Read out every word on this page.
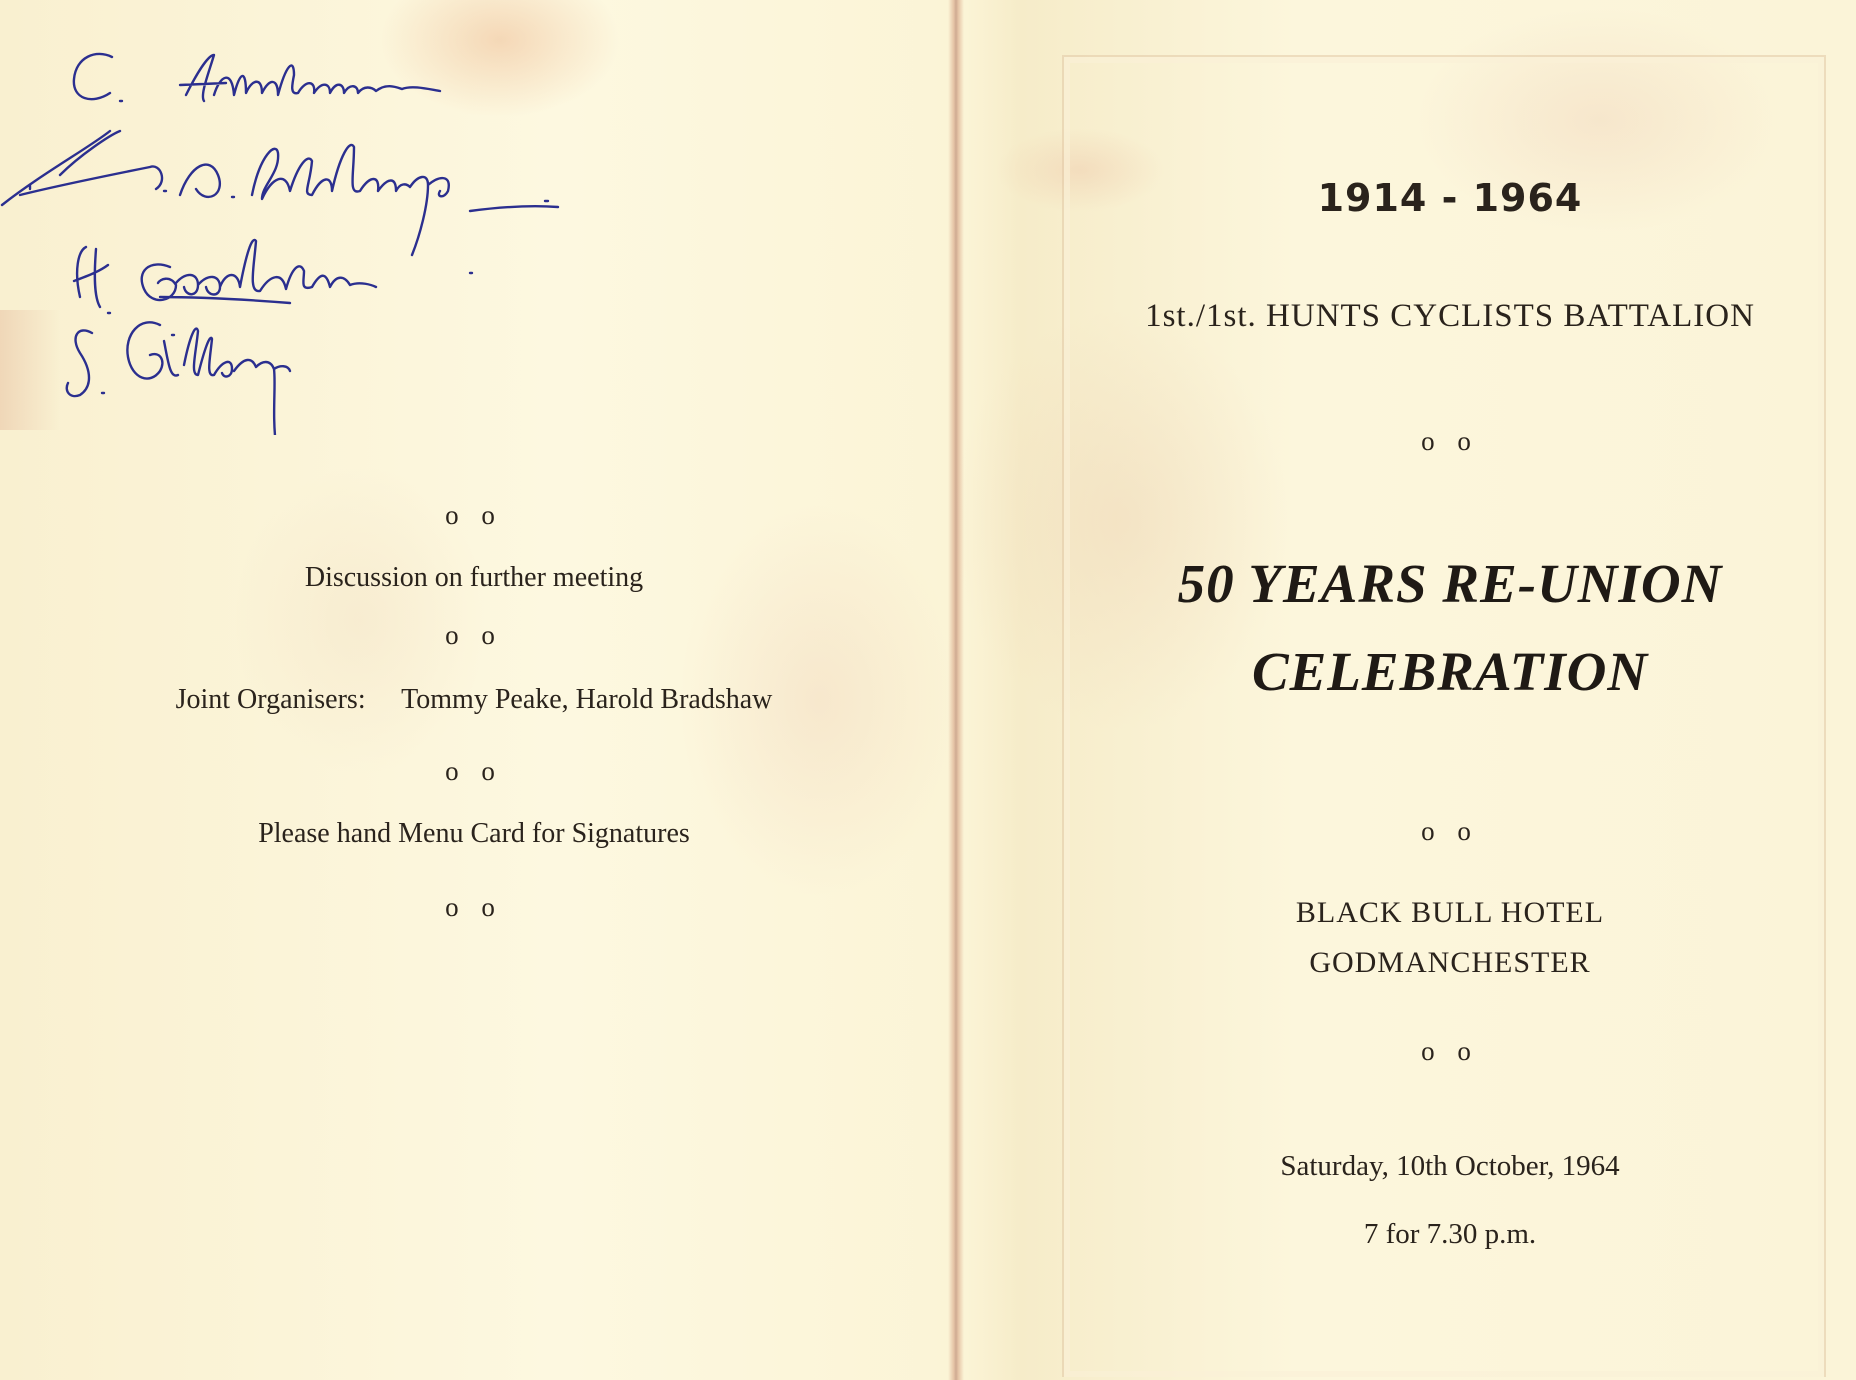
o o
Discussion on further meeting
o o
Joint Organisers: Tommy Peake, Harold Bradshaw
o o
Please hand Menu Card for Signatures
o o
1914 - 1964
1st./1st. HUNTS CYCLISTS BATTALION
o o
50 YEARS RE-UNION
CELEBRATION
o o
BLACK BULL HOTEL
GODMANCHESTER
o o
Saturday, 10th October, 1964
7 for 7.30 p.m.
